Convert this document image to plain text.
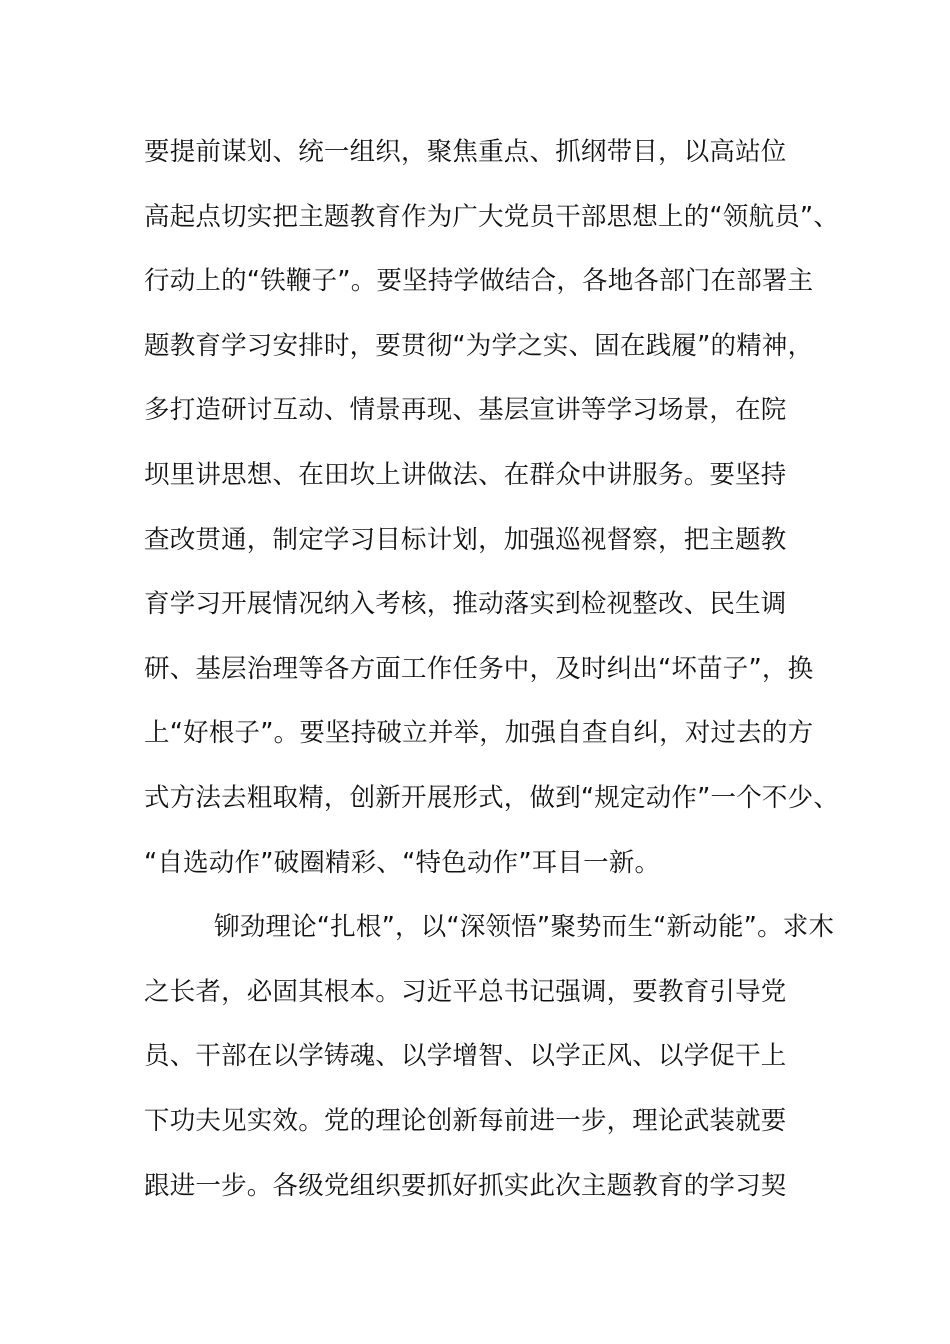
要提前谋划、统一组织，聚焦重点、抓纲带目，以高站位
高起点切实把主题教育作为广大党员干部思想上的“领航员”、
行动上的“铁鞭子”。要坚持学做结合，各地各部门在部署主
题教育学习安排时，要贯彻“为学之实、固在践履”的精神，
多打造研讨互动、情景再现、基层宣讲等学习场景，在院
坝里讲思想、在田坎上讲做法、在群众中讲服务。要坚持
查改贯通，制定学习目标计划，加强巡视督察，把主题教
育学习开展情况纳入考核，推动落实到检视整改、民生调
研、基层治理等各方面工作任务中，及时纠出“坏苗子”，换
上“好根子”。要坚持破立并举，加强自查自纠，对过去的方
式方法去粗取精，创新开展形式，做到“规定动作”一个不少、
“自选动作”破圈精彩、“特色动作”耳目一新。
铆劲理论“扎根”，以“深领悟”聚势而生“新动能”。求木
之长者，必固其根本。习近平总书记强调，要教育引导党
员、干部在以学铸魂、以学增智、以学正风、以学促干上
下功夫见实效。党的理论创新每前进一步，理论武装就要
跟进一步。各级党组织要抓好抓实此次主题教育的学习契
